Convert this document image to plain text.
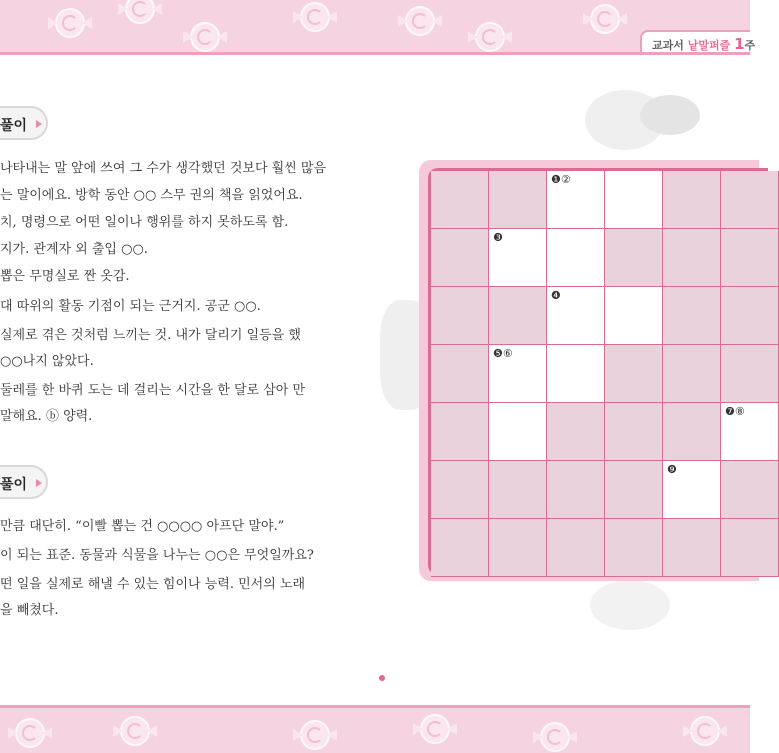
교과서 낱말퍼즐 1주
풀이
나타내는 말 앞에 쓰여 그 수가 생각했던 것보다 훨씬 많음
는 말이에요. 방학 동안 ○○ 스무 권의 책을 읽었어요.
치, 명령으로 어떤 일이나 행위를 하지 못하도록 함.
지가. 관계자 외 출입 ○○.
뽑은 무명실로 짠 옷감.
대 따위의 활동 기점이 되는 근거지. 공군 ○○.
실제로 겪은 것처럼 느끼는 것. 내가 달리기 일등을 했
○○나지 않았다.
둘레를 한 바퀴 도는 데 걸리는 시간을 한 달로 삼아 만
말해요. ⓑ 양력.
풀이
만큼 대단히. “이빨 뽑는 건 ○○○○ 아프단 말야.”
이 되는 표준. 동물과 식물을 나누는 ○○은 무엇일까요?
떤 일을 실제로 해낼 수 있는 힘이나 능력. 민서의 노래
을 빼쳤다.
❶②
❸
❹
❺⑥
❼⑧
❾
